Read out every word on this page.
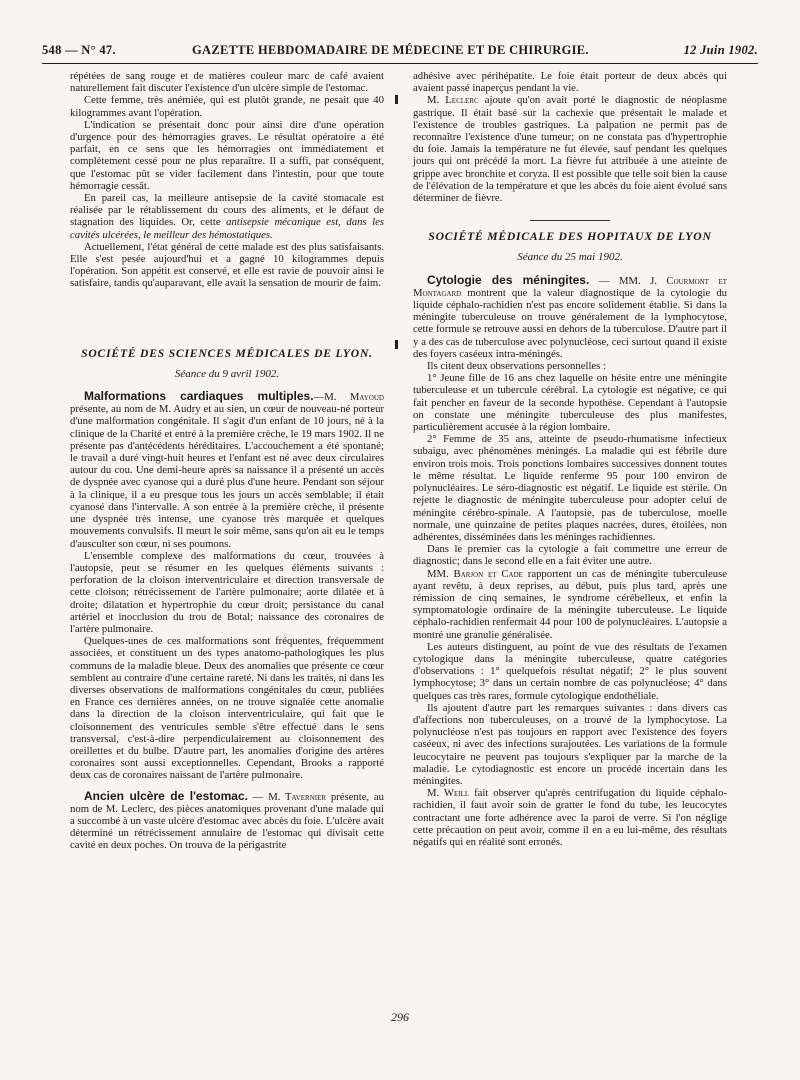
548 — N° 47.	GAZETTE HEBDOMADAIRE DE MÉDECINE ET DE CHIRURGIE.	12 Juin 1902.

répétées de sang rouge et de matières couleur marc de café avaient naturellement fait discuter l'existence d'un ulcère simple de l'estomac.

Cette femme, très anémiée, qui est plutôt grande, ne pesait que 40 kilogrammes avant l'opération.

L'indication se présentait donc pour ainsi dire d'une opération d'urgence pour des hémorragies graves. Le résultat opératoire a été parfait, en ce sens que les hémorragies ont immédiatement et complètement cessé pour ne plus reparaître. Il a suffi, par conséquent, que l'estomac pût se vider facilement dans l'intestin, pour que toute hémorragie cessât.

En pareil cas, la meilleure antisepsie de la cavité stomacale est réalisée par le rétablissement du cours des aliments, et le défaut de stagnation des liquides. Or, cette antisepsie mécanique est, dans les cavités ulcérées, le meilleur des hémostatiques.

Actuellement, l'état général de cette malade est des plus satisfaisants. Elle s'est pesée aujourd'hui et a gagné 10 kilogrammes depuis l'opération. Son appétit est conservé, et elle est ravie de pouvoir ainsi le satisfaire, tandis qu'auparavant, elle avait la sensation de mourir de faim.

SOCIÉTÉ DES SCIENCES MÉDICALES DE LYON.
Séance du 9 avril 1902.

Malformations cardiaques multiples.—M. Mayoud présente, au nom de M. Audry et au sien, un cœur de nouveau-né porteur d'une malformation congénitale. Il s'agit d'un enfant de 10 jours, né à la clinique de la Charité et entré à la première crèche, le 19 mars 1902. Il ne présente pas d'antécédents héréditaires. L'accouchement a été spontané; le travail a duré vingt-huit heures et l'enfant est né avec deux circulaires autour du cou. Une demi-heure après sa naissance il a présenté un accès de dyspnée avec cyanose qui a duré plus d'une heure. Pendant son séjour à la clinique, il a eu presque tous les jours un accès semblable; il était cyanosé dans l'intervalle. A son entrée à la première crèche, il présente une dyspnée très intense, une cyanose très marquée et quelques mouvements convulsifs. Il meurt le soir même, sans qu'on ait eu le temps d'ausculter son cœur, ni ses poumons.

L'ensemble complexe des malformations du cœur, trouvées à l'autopsie, peut se résumer en les quelques éléments suivants : perforation de la cloison interventriculaire et direction transversale de cette cloison; rétrécissement de l'artère pulmonaire; aorte dilatée et à droite; dilatation et hypertrophie du cœur droit; persistance du canal artériel et inocclusion du trou de Botal; naissance des coronaires de l'artère pulmonaire.

Quelques-unes de ces malformations sont fréquentes, fréquemment associées, et constituent un des types anatomo-pathologiques les plus communs de la maladie bleue. Deux des anomalies que présente ce cœur semblent au contraire d'une certaine rareté. Ni dans les traités, ni dans les diverses observations de malformations congénitales du cœur, publiées en France ces dernières années, on ne trouve signalée cette anomalie dans la direction de la cloison interventriculaire, qui fait que le cloisonnement des ventricules semble s'être effectué dans le sens transversal, c'est-à-dire perpendiculairement au cloisonnement des oreillettes et du bulbe. D'autre part, les anomalies d'origine des artères coronaires sont aussi exceptionnelles. Cependant, Brooks a rapporté deux cas de coronaires naissant de l'artère pulmonaire.

Ancien ulcère de l'estomac. — M. Tavernier présente, au nom de M. Leclerc, des pièces anatomiques provenant d'une malade qui a succombé à un vaste ulcère d'estomac avec abcès du foie. L'ulcère avait déterminé un rétrécissement annulaire de l'estomac qui divisait cette cavité en deux poches. On trouva de la périgastrite

adhésive avec périhépatite. Le foie était porteur de deux abcès qui avaient passé inaperçus pendant la vie.

M. Leclerc ajoute qu'on avait porté le diagnostic de néoplasme gastrique. Il était basé sur la cachexie que présentait le malade et l'existence de troubles gastriques. La palpation ne permit pas de reconnaître l'existence d'une tumeur; on ne constata pas d'hypertrophie du foie. Jamais la température ne fut élevée, sauf pendant les quelques jours qui ont précédé la mort. La fièvre fut attribuée à une atteinte de grippe avec bronchite et coryza. Il est possible que telle soit bien la cause de l'élévation de la température et que les abcès du foie aient évolué sans déterminer de fièvre.

SOCIÉTÉ MÉDICALE DES HOPITAUX DE LYON
Séance du 25 mai 1902.

Cytologie des méningites. — MM. J. Courmont et Montagard montrent que la valeur diagnostique de la cytologie du liquide céphalo-rachidien n'est pas encore solidement établie. Si dans la méningite tuberculeuse on trouve généralement de la lymphocytose, cette formule se retrouve aussi en dehors de la tuberculose. D'autre part il y a des cas de tuberculose avec polynucléose, ceci surtout quand il existe des foyers caséeux intra-méningés.

Ils citent deux observations personnelles :

1° Jeune fille de 16 ans chez laquelle on hésite entre une méningite tuberculeuse et un tubercule cérébral. La cytologie est négative, ce qui fait pencher en faveur de la seconde hypothèse. Cependant à l'autopsie on constate une méningite tuberculeuse des plus manifestes, particulièrement accusée à la région lombaire.

2° Femme de 35 ans, atteinte de pseudo-rhumatisme infectieux subaigu, avec phénomènes méningés. La maladie qui est fébrile dure environ trois mois. Trois ponctions lombaires successives donnent toutes le même résultat. Le liquide renferme 95 pour 100 environ de polynucléaires. Le séro-diagnostic est négatif. Le liquide est stérile. On rejette le diagnostic de méningite tuberculeuse pour adopter celui de méningite cérébro-spinale. A l'autopsie, pas de tuberculose, moelle normale, une quinzaine de petites plaques nacrées, dures, étoilées, non adhérentes, disséminées dans les méninges rachidiennes.

Dans le premier cas la cytologie a fait commettre une erreur de diagnostic; dans le second elle en a fait éviter une autre.

MM. Barjon et Cade rapportent un cas de méningite tuberculeuse ayant revêtu, à deux reprises, au début, puis plus tard, après une rémission de cinq semaines, le syndrome cérébelleux, et enfin la symptomatologie ordinaire de la méningite tuberculeuse. Le liquide céphalo-rachidien renfermait 44 pour 100 de polynucléaires. L'autopsie a montré une granulie généralisée.

Les auteurs distinguent, au point de vue des résultats de l'examen cytologique dans la méningite tuberculeuse, quatre catégories d'observations : 1° quelquefois résultat négatif; 2° le plus souvent lymphocytose; 3° dans un certain nombre de cas polynucléose; 4° dans quelques cas très rares, formule cytologique endothéliale.

Ils ajoutent d'autre part les remarques suivantes : dans divers cas d'affections non tuberculeuses, on a trouvé de la lymphocytose. La polynucléose n'est pas toujours en rapport avec l'existence des foyers caséeux, ni avec des infections surajoutées. Les variations de la formule leucocytaire ne peuvent pas toujours s'expliquer par la marche de la maladie. Le cytodiagnostic est encore un procédé incertain dans les méningites.

M. Weill fait observer qu'après centrifugation du liquide céphalo-rachidien, il faut avoir soin de gratter le fond du tube, les leucocytes contractant une forte adhérence avec la paroi de verre. Si l'on néglige cette précaution on peut avoir, comme il en a eu lui-même, des résultats négatifs qui en réalité sont erronés.

296
